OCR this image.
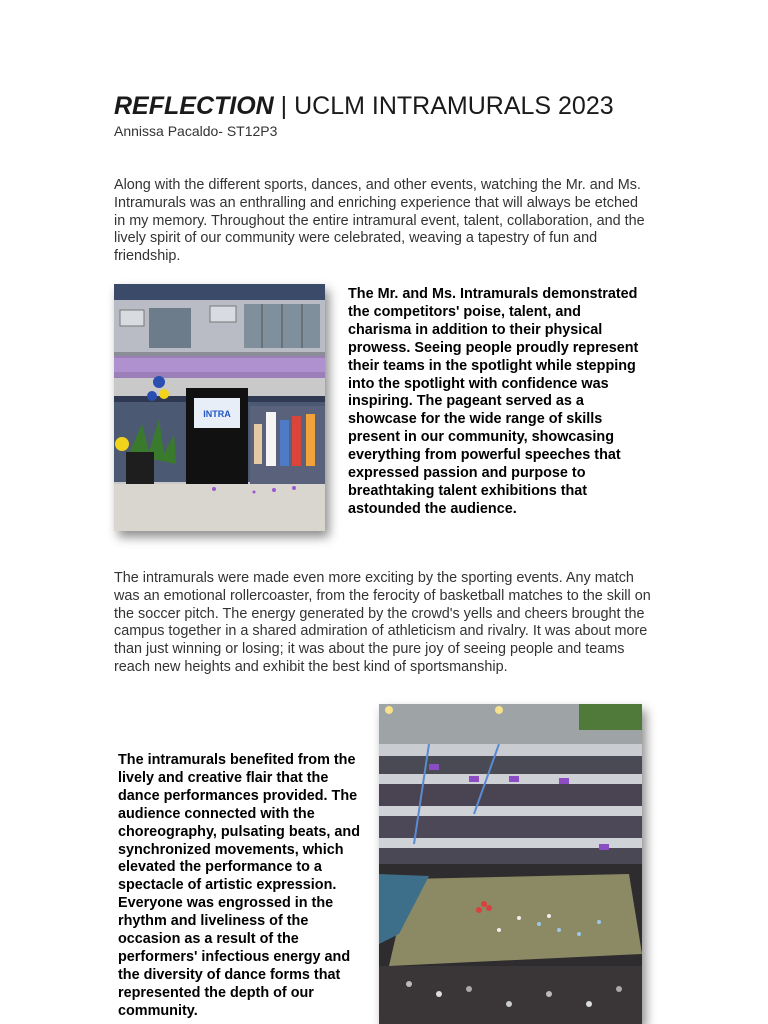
REFLECTION | UCLM INTRAMURALS 2023
Annissa Pacaldo- ST12P3
Along with the different sports, dances, and other events, watching the Mr. and Ms. Intramurals was an enthralling and enriching experience that will always be etched in my memory. Throughout the entire intramural event, talent, collaboration, and the lively spirit of our community were celebrated, weaving a tapestry of fun and friendship.
INTRA
The Mr. and Ms. Intramurals demonstrated the competitors' poise, talent, and charisma in addition to their physical prowess. Seeing people proudly represent their teams in the spotlight while stepping into the spotlight with confidence was inspiring. The pageant served as a showcase for the wide range of skills present in our community, showcasing everything from powerful speeches that expressed passion and purpose to breathtaking talent exhibitions that astounded the audience.
The intramurals were made even more exciting by the sporting events. Any match was an emotional rollercoaster, from the ferocity of basketball matches to the skill on the soccer pitch. The energy generated by the crowd's yells and cheers brought the campus together in a shared admiration of athleticism and rivalry. It was about more than just winning or losing; it was about the pure joy of seeing people and teams reach new heights and exhibit the best kind of sportsmanship.
The intramurals benefited from the lively and creative flair that the dance performances provided. The audience connected with the choreography, pulsating beats, and synchronized movements, which elevated the performance to a spectacle of artistic expression. Everyone was engrossed in the rhythm and liveliness of the occasion as a result of the performers' infectious energy and the diversity of dance forms that represented the depth of our community.
